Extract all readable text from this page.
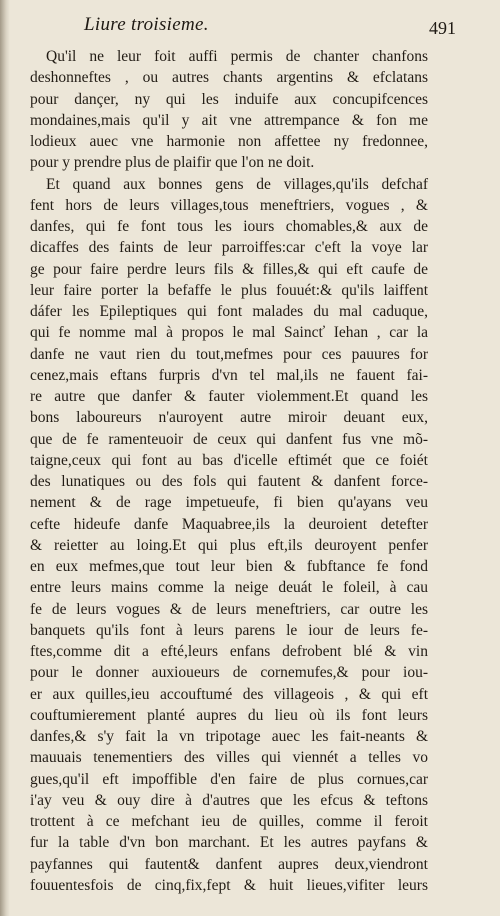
Liure troisieme.	491
Qu'il ne leur foit auffi permis de chanter chanfons
deshonneftes , ou autres chants argentins & efclatans
pour dançer, ny qui les induife aux concupifcences
mondaines,mais qu'il y ait vne attrempance & fon me
lodieux auec vne harmonie non affettee ny fredonnee,
pour y prendre plus de plaifir que l'on ne doit.
Et quand aux bonnes gens de villages,qu'ils defchaf
fent hors de leurs villages,tous meneftriers, vogues , &
danfes, qui fe font tous les iours chomables,& aux de
dicaffes des faints de leur parroiffes:car c'eft la voye lar
ge pour faire perdre leurs fils & filles,& qui eft caufe de
leur faire porter la befaffe le plus fouuét:& qu'ils laiffent
dáfer les Epileptiques qui font malades du mal caduque,
qui fe nomme mal à propos le mal Saincť Iehan , car la
danfe ne vaut rien du tout,mefmes pour ces pauures for
cenez,mais eftans furpris d'vn tel mal,ils ne fauent fai-
re autre que danfer & fauter violemment.Et quand les
bons laboureurs n'auroyent autre miroir deuant eux,
que de fe ramenteuoir de ceux qui danfent fus vne mõ-
taigne,ceux qui font au bas d'icelle eftimét que ce foiét
des lunatiques ou des fols qui fautent & danfent force-
nement & de rage impetueufe, fi bien qu'ayans veu
cefte hideufe danfe Maquabree,ils la deuroient detefter
& reietter au loing.Et qui plus eft,ils deuroyent penfer
en eux mefmes,que tout leur bien & fubftance fe fond
entre leurs mains comme la neige deuát le foleil, à cau
fe de leurs vogues & de leurs meneftriers, car outre les
banquets qu'ils font à leurs parens le iour de leurs fe-
ftes,comme dit a efté,leurs enfans defrobent blé & vin
pour le donner auxioueurs de cornemufes,& pour iou-
er aux quilles,ieu accouftumé des villageois , & qui eft
couftumierement planté aupres du lieu où ils font leurs
danfes,& s'y fait la vn tripotage auec les fait-neants &
mauuais tenementiers des villes qui viennét a telles vo
gues,qu'il eft impoffible d'en faire de plus cornues,car
i'ay veu & ouy dire à d'autres que les efcus & teftons
trottent à ce mefchant ieu de quilles, comme il feroit
fur la table d'vn bon marchant. Et les autres payfans &
payfannes qui fautent& danfent aupres deux,viendront
fouuentesfois de cinq,fix,fept & huit lieues,vifiter leurs
